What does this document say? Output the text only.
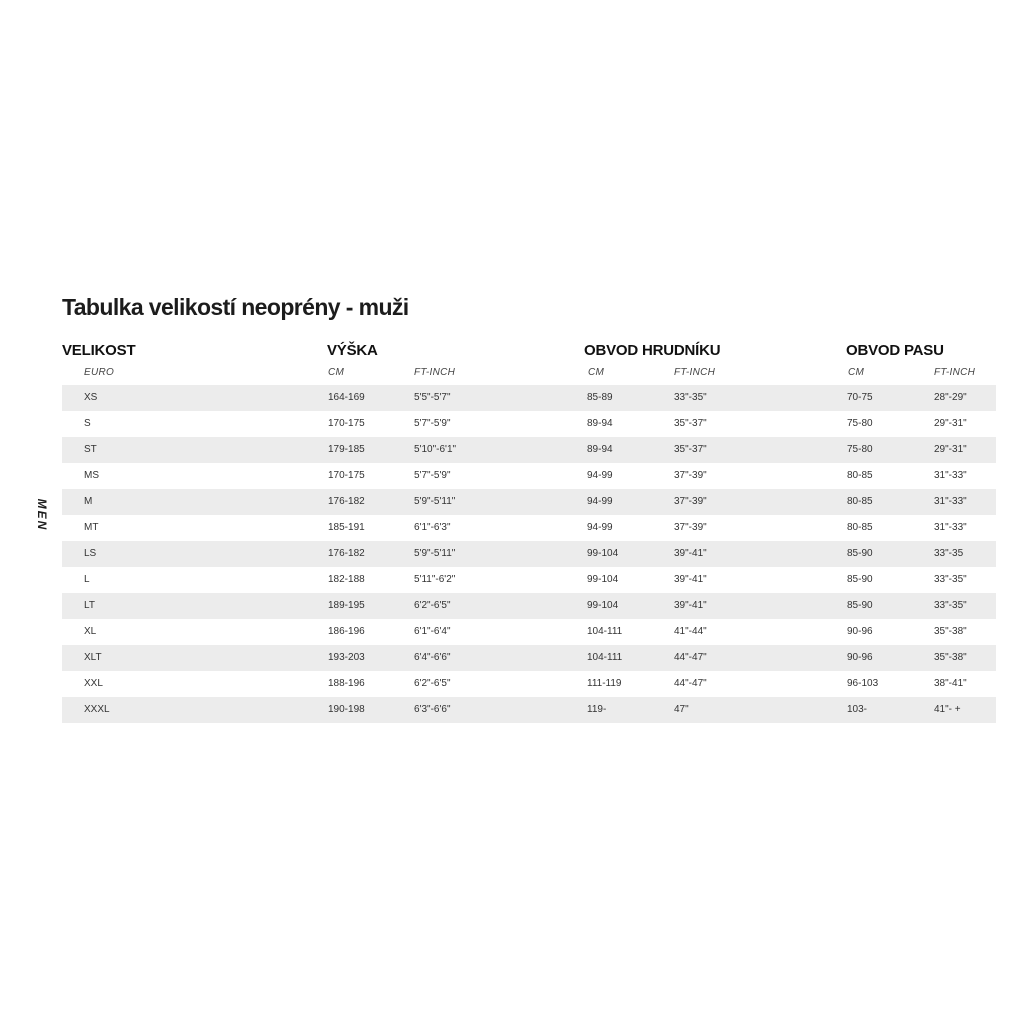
Tabulka velikostí neoprény - muži
MEN
VELIKOST	VÝŠKA	OBVOD HRUDNÍKU	OBVOD PASU
EURO	CM	FT-INCH	CM	FT-INCH	CM	FT-INCH
XS	164-169	5'5"-5'7"	85-89	33"-35"	70-75	28"-29"
S	170-175	5'7"-5'9"	89-94	35"-37"	75-80	29"-31"
ST	179-185	5'10"-6'1"	89-94	35"-37"	75-80	29"-31"
MS	170-175	5'7"-5'9"	94-99	37"-39"	80-85	31"-33"
M	176-182	5'9"-5'11"	94-99	37"-39"	80-85	31"-33"
MT	185-191	6'1"-6'3"	94-99	37"-39"	80-85	31"-33"
LS	176-182	5'9"-5'11"	99-104	39"-41"	85-90	33"-35
L	182-188	5'11"-6'2"	99-104	39"-41"	85-90	33"-35"
LT	189-195	6'2"-6'5"	99-104	39"-41"	85-90	33"-35"
XL	186-196	6'1"-6'4"	104-111	41"-44"	90-96	35"-38"
XLT	193-203	6'4"-6'6"	104-111	44"-47"	90-96	35"-38"
XXL	188-196	6'2"-6'5"	111-119	44"-47"	96-103	38"-41"
XXXL	190-198	6'3"-6'6"	119-	47"	103-	41"- +
